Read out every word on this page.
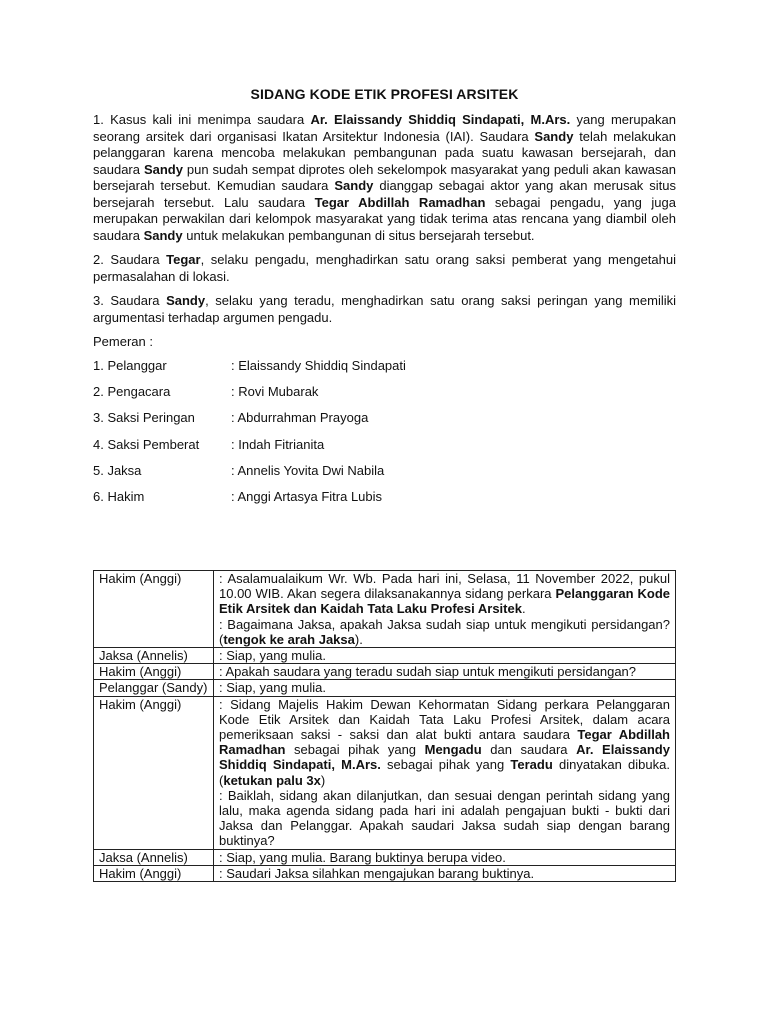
SIDANG KODE ETIK PROFESI ARSITEK

1. Kasus kali ini menimpa saudara Ar. Elaissandy Shiddiq Sindapati, M.Ars. yang merupakan seorang arsitek dari organisasi Ikatan Arsitektur Indonesia (IAI). Saudara Sandy telah melakukan pelanggaran karena mencoba melakukan pembangunan pada suatu kawasan bersejarah, dan saudara Sandy pun sudah sempat diprotes oleh sekelompok masyarakat yang peduli akan kawasan bersejarah tersebut. Kemudian saudara Sandy dianggap sebagai aktor yang akan merusak situs bersejarah tersebut. Lalu saudara Tegar Abdillah Ramadhan sebagai pengadu, yang juga merupakan perwakilan dari kelompok masyarakat yang tidak terima atas rencana yang diambil oleh saudara Sandy untuk melakukan pembangunan di situs bersejarah tersebut.

2. Saudara Tegar, selaku pengadu, menghadirkan satu orang saksi pemberat yang mengetahui permasalahan di lokasi.

3. Saudara Sandy, selaku yang teradu, menghadirkan satu orang saksi peringan yang memiliki argumentasi terhadap argumen pengadu.

Pemeran :

1. Pelanggar	: Elaissandy Shiddiq Sindapati
2. Pengacara	: Rovi Mubarak
3. Saksi Peringan	: Abdurrahman Prayoga
4. Saksi Pemberat	: Indah Fitrianita
5. Jaksa	: Annelis Yovita Dwi Nabila
6. Hakim	: Anggi Artasya Fitra Lubis
Hakim (Anggi)	: Asalamualaikum Wr. Wb. Pada hari ini, Selasa, 11 November 2022, pukul 10.00 WIB. Akan segera dilaksanakannya sidang perkara Pelanggaran Kode Etik Arsitek dan Kaidah Tata Laku Profesi Arsitek.
: Bagaimana Jaksa, apakah Jaksa sudah siap untuk mengikuti persidangan? (tengok ke arah Jaksa).

Jaksa (Annelis)	: Siap, yang mulia.
Hakim (Anggi)	: Apakah saudara yang teradu sudah siap untuk mengikuti persidangan?
Pelanggar (Sandy)	: Siap, yang mulia.
Hakim (Anggi)	: Sidang Majelis Hakim Dewan Kehormatan Sidang perkara Pelanggaran Kode Etik Arsitek dan Kaidah Tata Laku Profesi Arsitek, dalam acara pemeriksaan saksi - saksi dan alat bukti antara saudara Tegar Abdillah Ramadhan sebagai pihak yang Mengadu dan saudara Ar. Elaissandy Shiddiq Sindapati, M.Ars. sebagai pihak yang Teradu dinyatakan dibuka. (ketukan palu 3x)
: Baiklah, sidang akan dilanjutkan, dan sesuai dengan perintah sidang yang lalu, maka agenda sidang pada hari ini adalah pengajuan bukti - bukti dari Jaksa dan Pelanggar. Apakah saudari Jaksa sudah siap dengan barang buktinya?

Jaksa (Annelis)	: Siap, yang mulia. Barang buktinya berupa video.
Hakim (Anggi)	: Saudari Jaksa silahkan mengajukan barang buktinya.
